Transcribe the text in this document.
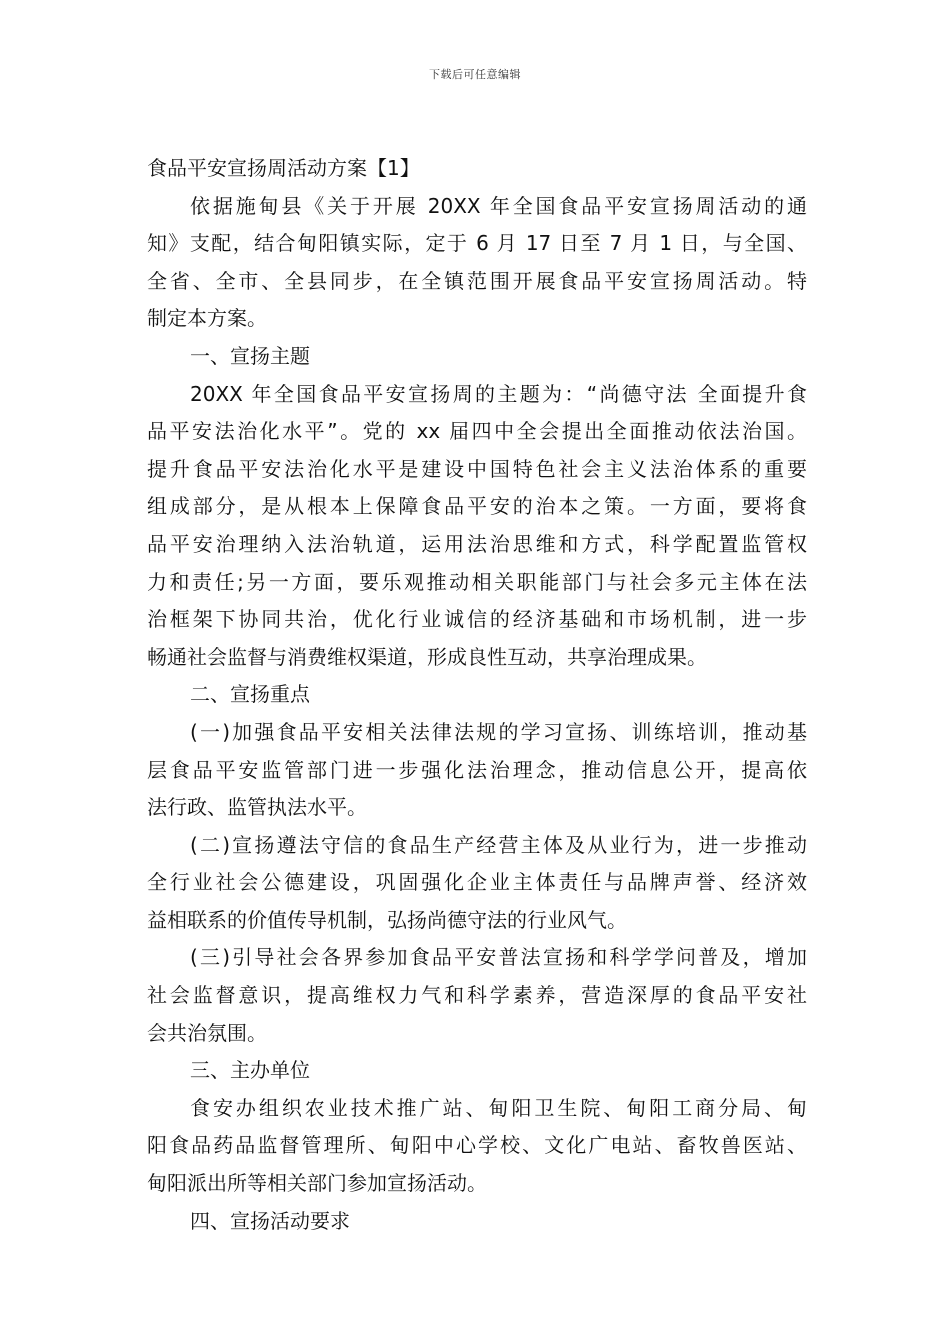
下载后可任意编辑
食品平安宣扬周活动方案【1】
依据施甸县《关于开展 20XX 年全国食品平安宣扬周活动的通
知》支配，结合甸阳镇实际，定于 6 月 17 日至 7 月 1 日，与全国、
全省、全市、全县同步，在全镇范围开展食品平安宣扬周活动。特
制定本方案。
一、宣扬主题
20XX 年全国食品平安宣扬周的主题为：“尚德守法 全面提升食
品平安法治化水平”。党的 xx 届四中全会提出全面推动依法治国。
提升食品平安法治化水平是建设中国特色社会主义法治体系的重要
组成部分，是从根本上保障食品平安的治本之策。一方面，要将食
品平安治理纳入法治轨道，运用法治思维和方式，科学配置监管权
力和责任;另一方面，要乐观推动相关职能部门与社会多元主体在法
治框架下协同共治，优化行业诚信的经济基础和市场机制，进一步
畅通社会监督与消费维权渠道，形成良性互动，共享治理成果。
二、宣扬重点
(一)加强食品平安相关法律法规的学习宣扬、训练培训，推动基
层食品平安监管部门进一步强化法治理念，推动信息公开，提高依
法行政、监管执法水平。
(二)宣扬遵法守信的食品生产经营主体及从业行为，进一步推动
全行业社会公德建设，巩固强化企业主体责任与品牌声誉、经济效
益相联系的价值传导机制，弘扬尚德守法的行业风气。
(三)引导社会各界参加食品平安普法宣扬和科学学问普及，增加
社会监督意识，提高维权力气和科学素养，营造深厚的食品平安社
会共治氛围。
三、主办单位
食安办组织农业技术推广站、甸阳卫生院、甸阳工商分局、甸
阳食品药品监督管理所、甸阳中心学校、文化广电站、畜牧兽医站、
甸阳派出所等相关部门参加宣扬活动。
四、宣扬活动要求
